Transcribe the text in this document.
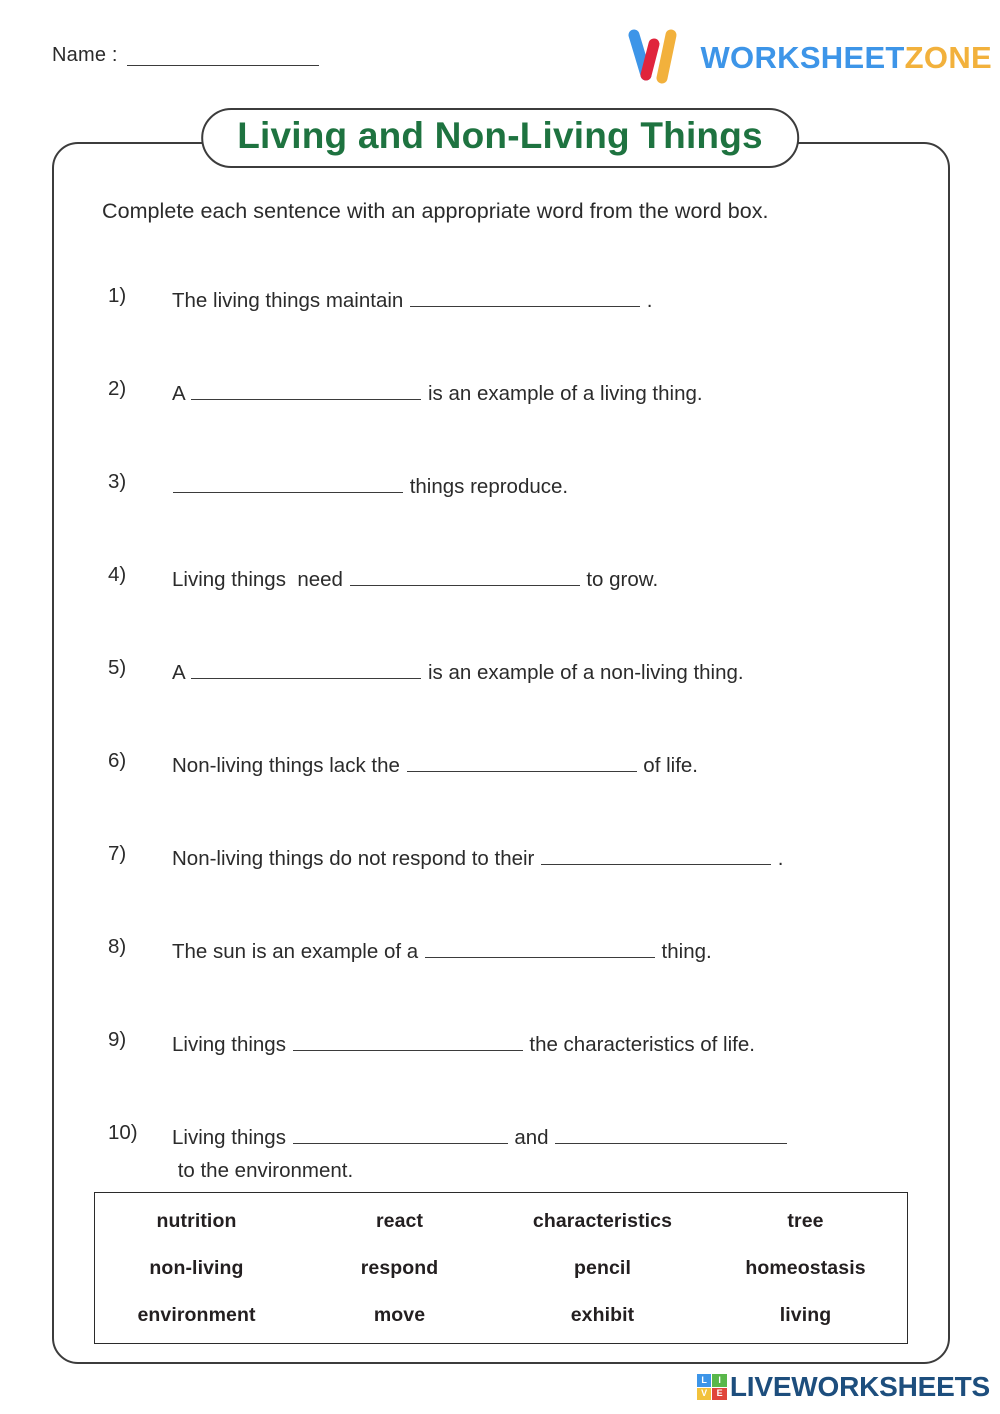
Name :	WORKSHEETZONE
Living and Non-Living Things
Complete each sentence with an appropriate word from the word box.
1)	The living things maintain	.
2)	A	is an example of a living thing.
3)	things reproduce.
4)	Living things  need	to grow.
5)	A	is an example of a non-living thing.
6)	Non-living things lack the	of life.
7)	Non-living things do not respond to their	.
8)	The sun is an example of a	thing.
9)	Living things	the characteristics of life.
10)	Living things	and  to the environment.
nutrition	react	characteristics	tree
non-living	respond	pencil	homeostasis
environment	move	exhibit	living
L	I
V	E LIVEWORKSHEETS
